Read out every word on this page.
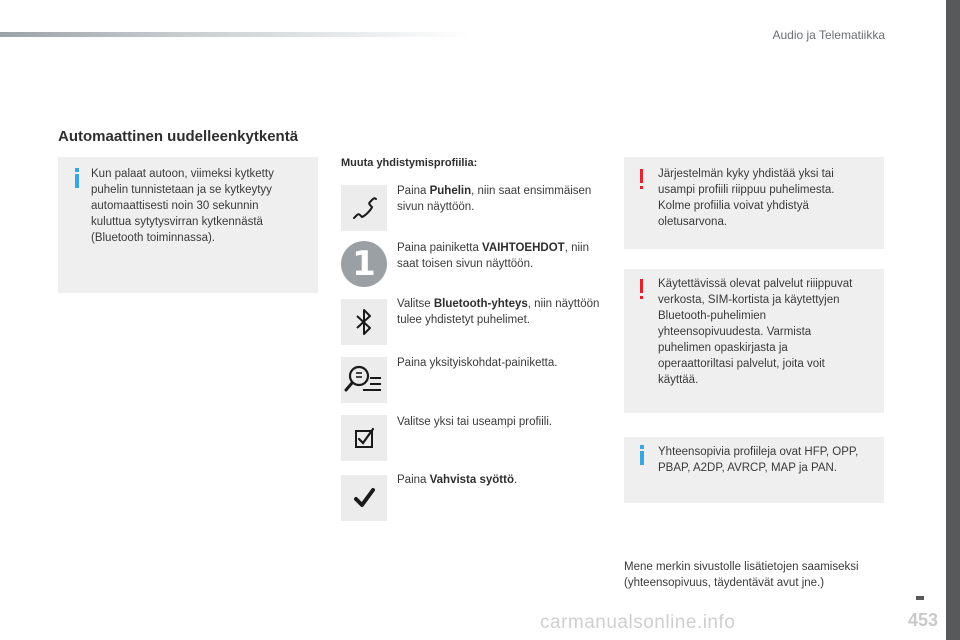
Audio ja Telematiikka
453
Automaattinen uudelleenkytkentä

Kun palaat autoon, viimeksi kytketty puhelin tunnistetaan ja se kytkeytyy automaattisesti noin 30 sekunnin kuluttua sytytysvirran kytkennästä (Bluetooth toiminnassa).

Muuta yhdistymisprofiilia:
Paina Puhelin, niin saat ensimmäisen sivun näyttöön.
1	Paina painiketta VAIHTOEHDOT, niin saat toisen sivun näyttöön.
Valitse Bluetooth-yhteys, niin näyttöön tulee yhdistetyt puhelimet.
Paina yksityiskohdat-painiketta.
Valitse yksi tai useampi profiili.
Paina Vahvista syöttö.

Järjestelmän kyky yhdistää yksi tai usampi profiili riippuu puhelimesta. Kolme profiilia voivat yhdistyä oletusarvona.

Käytettävissä olevat palvelut riiippuvat verkosta, SIM-kortista ja käytettyjen Bluetooth-puhelimien yhteensopivuudesta. Varmista puhelimen opaskirjasta ja operaattoriltasi palvelut, joita voit käyttää.

Yhteensopivia profiileja ovat HFP, OPP, PBAP, A2DP, AVRCP, MAP ja PAN.

Mene merkin sivustolle lisätietojen saamiseksi (yhteensopivuus, täydentävät avut jne.)
carmanualsonline.info
